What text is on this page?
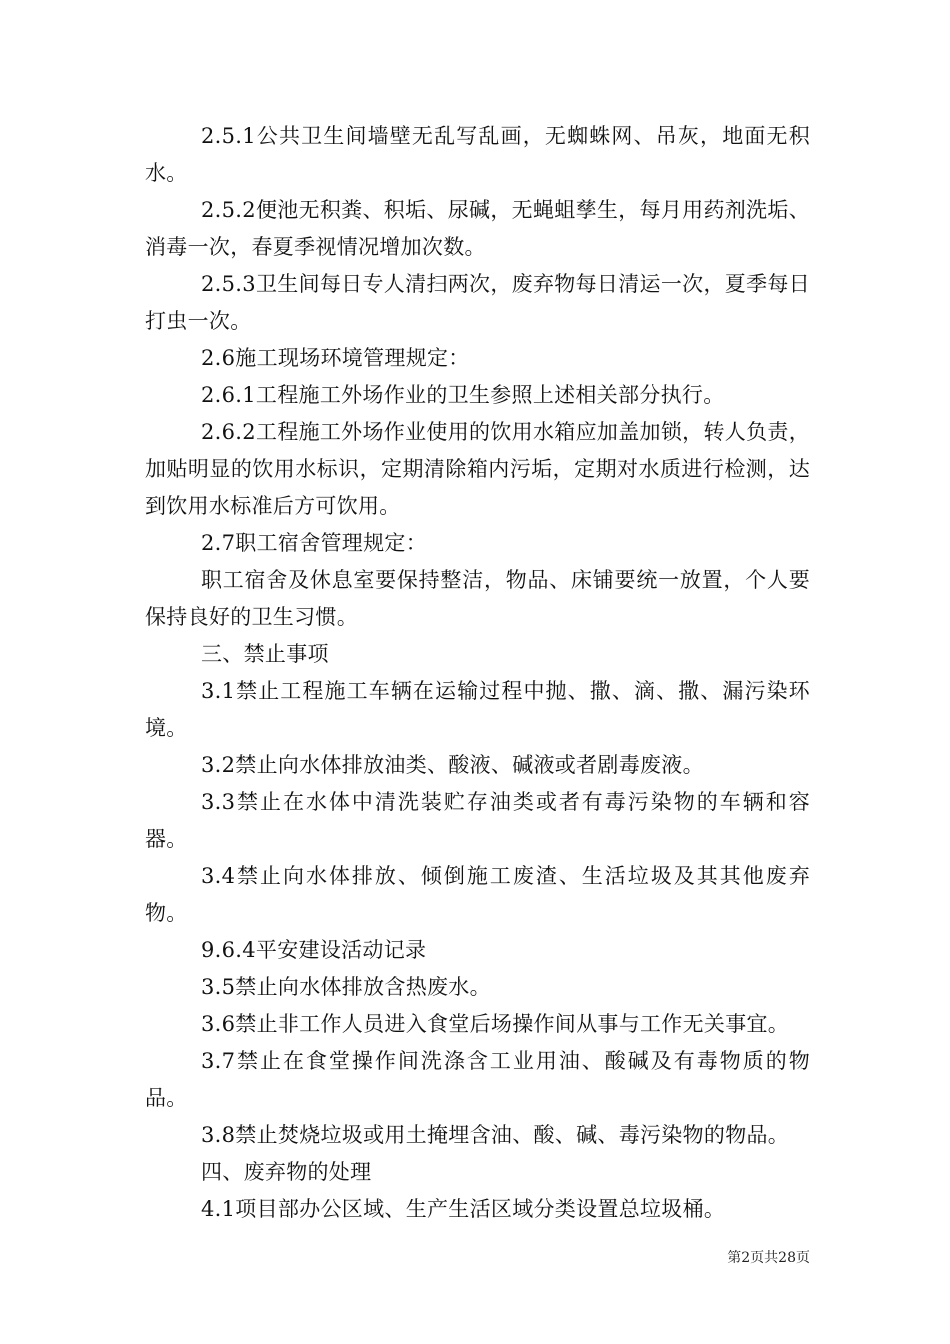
2.5.1公共卫生间墙壁无乱写乱画，无蜘蛛网、吊灰，地面无积水。

2.5.2便池无积粪、积垢、尿碱，无蝇蛆孳生，每月用药剂洗垢、消毒一次，春夏季视情况增加次数。

2.5.3卫生间每日专人清扫两次，废弃物每日清运一次，夏季每日打虫一次。

2.6施工现场环境管理规定：

2.6.1工程施工外场作业的卫生参照上述相关部分执行。

2.6.2工程施工外场作业使用的饮用水箱应加盖加锁，转人负责，加贴明显的饮用水标识，定期清除箱内污垢，定期对水质进行检测，达到饮用水标准后方可饮用。

2.7职工宿舍管理规定：

职工宿舍及休息室要保持整洁，物品、床铺要统一放置，个人要保持良好的卫生习惯。

三、禁止事项

3.1禁止工程施工车辆在运输过程中抛、撒、滴、撒、漏污染环境。

3.2禁止向水体排放油类、酸液、碱液或者剧毒废液。

3.3禁止在水体中清洗装贮存油类或者有毒污染物的车辆和容器。

3.4禁止向水体排放、倾倒施工废渣、生活垃圾及其其他废弃物。

9.6.4平安建设活动记录

3.5禁止向水体排放含热废水。

3.6禁止非工作人员进入食堂后场操作间从事与工作无关事宜。

3.7禁止在食堂操作间洗涤含工业用油、酸碱及有毒物质的物品。

3.8禁止焚烧垃圾或用土掩埋含油、酸、碱、毒污染物的物品。

四、废弃物的处理

4.1项目部办公区域、生产生活区域分类设置总垃圾桶。

第2页共28页
